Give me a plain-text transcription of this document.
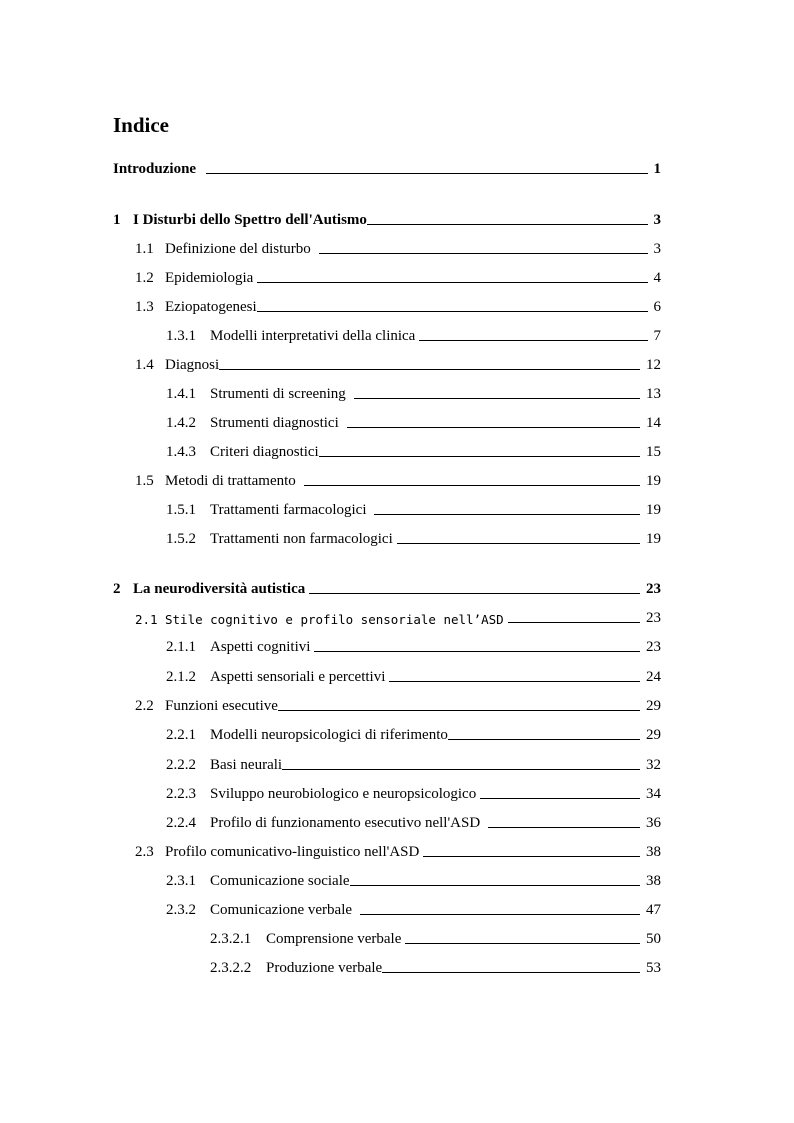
Indice
Introduzione	1
1 I Disturbi dello Spettro dell'Autismo	3
1.1 Definizione del disturbo	3
1.2 Epidemiologia	4
1.3 Eziopatogenesi	6
1.3.1 Modelli interpretativi della clinica	7
1.4 Diagnosi	12
1.4.1 Strumenti di screening	13
1.4.2 Strumenti diagnostici	14
1.4.3 Criteri diagnostici	15
1.5 Metodi di trattamento	19
1.5.1 Trattamenti farmacologici	19
1.5.2 Trattamenti non farmacologici	19
2 La neurodiversità autistica	23
2.1 Stile cognitivo e profilo sensoriale nell’ASD	23
2.1.1 Aspetti cognitivi	23
2.1.2 Aspetti sensoriali e percettivi	24
2.2 Funzioni esecutive	29
2.2.1 Modelli neuropsicologici di riferimento	29
2.2.2 Basi neurali	32
2.2.3 Sviluppo neurobiologico e neuropsicologico	34
2.2.4 Profilo di funzionamento esecutivo nell'ASD	36
2.3 Profilo comunicativo-linguistico nell'ASD	38
2.3.1 Comunicazione sociale	38
2.3.2 Comunicazione verbale	47
2.3.2.1 Comprensione verbale	50
2.3.2.2 Produzione verbale	53
